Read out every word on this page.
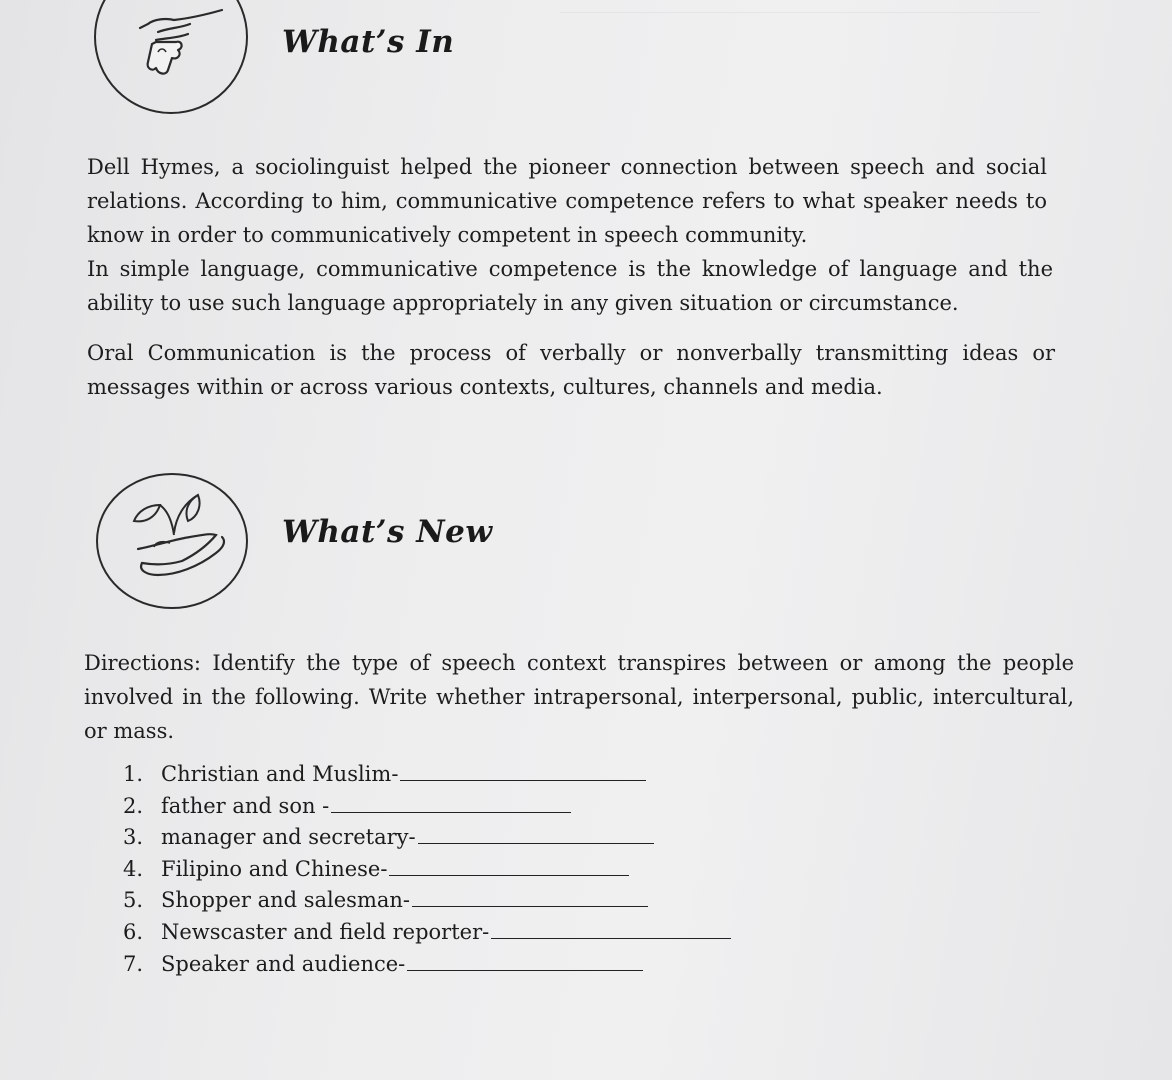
What’s In
Dell Hymes, a sociolinguist helped the pioneer connection between speech and social relations. According to him, communicative competence refers to what speaker needs to know in order to communicatively competent in speech community.
In simple language, communicative competence is the knowledge of language and the ability to use such language appropriately in any given situation or circumstance.
Oral Communication is the process of verbally or nonverbally transmitting ideas or messages within or across various contexts, cultures, channels and media.
What’s New
Directions: Identify the type of speech context transpires between or among the people involved in the following. Write whether intrapersonal, interpersonal, public, intercultural, or mass.
1. Christian and Muslim-
2. father and son -
3. manager and secretary-
4. Filipino and Chinese-
5. Shopper and salesman-
6. Newscaster and field reporter-
7. Speaker and audience-
